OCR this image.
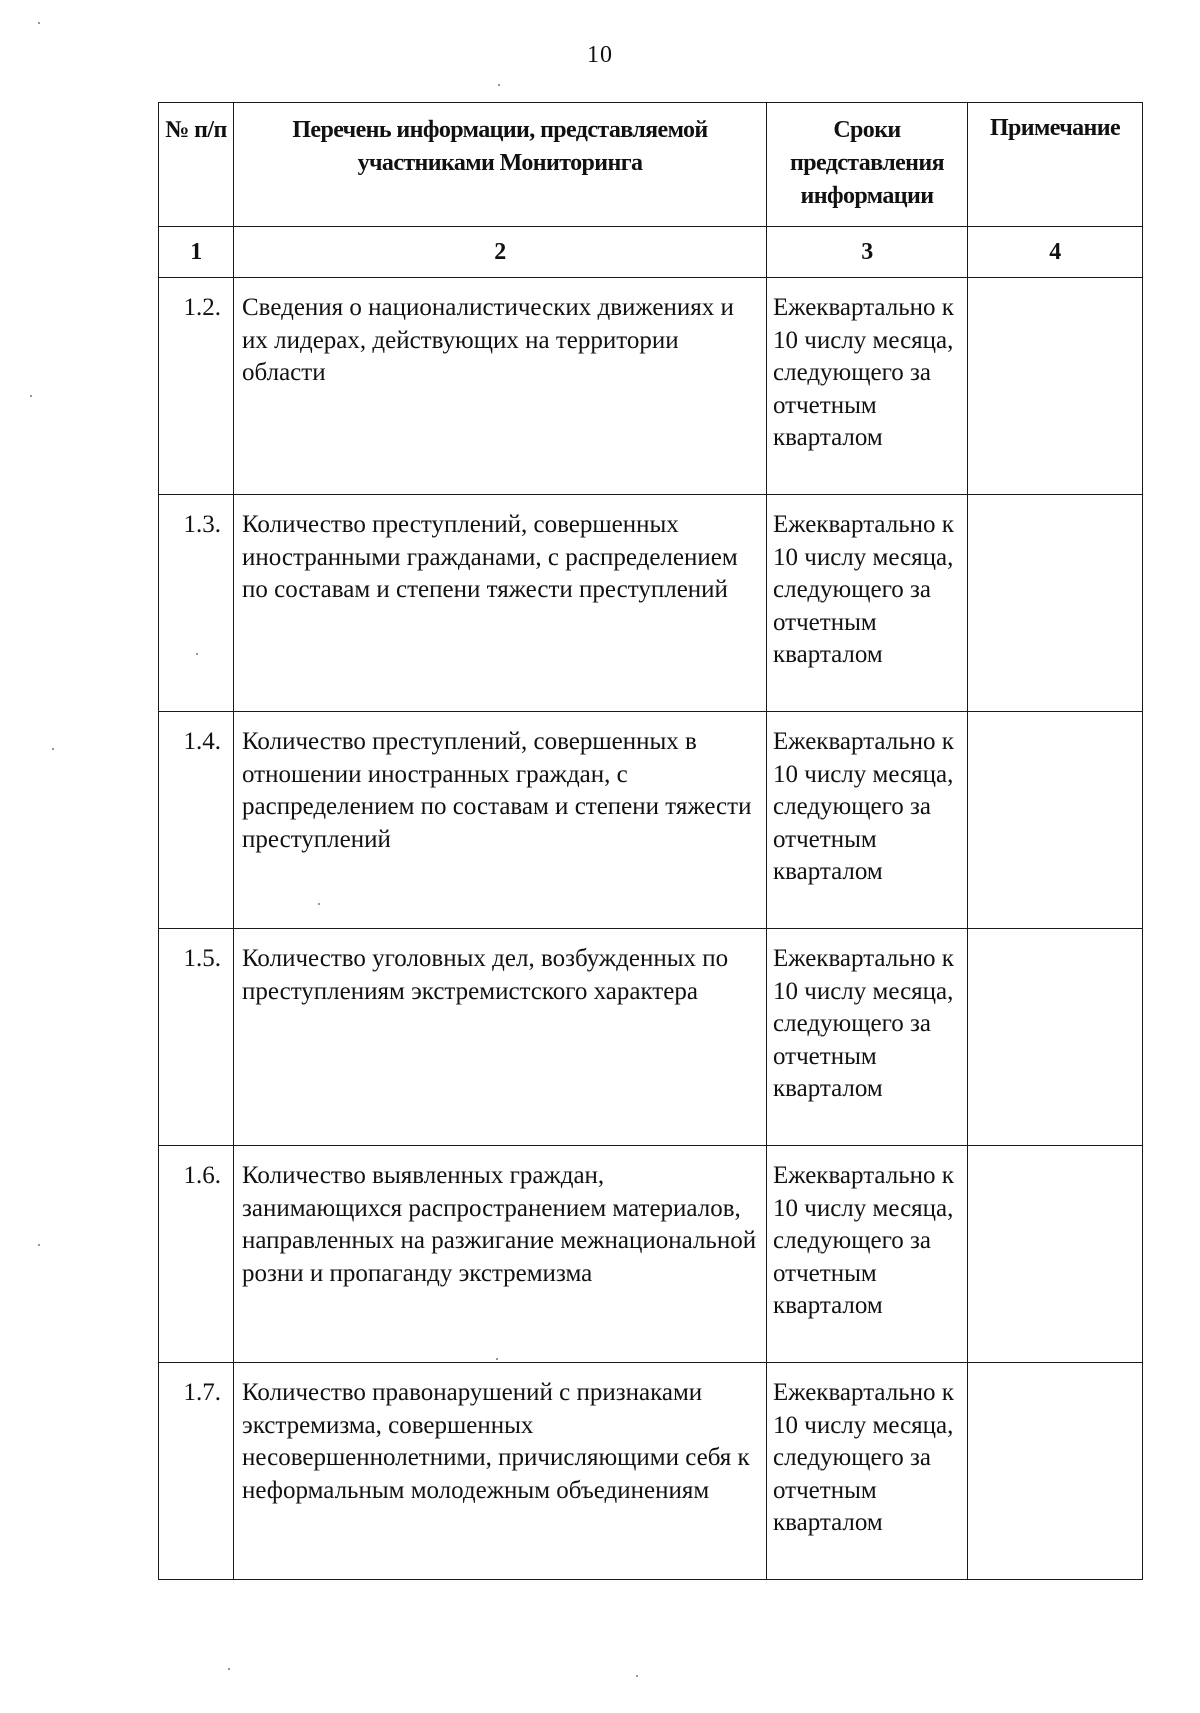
10
№ п/п	Перечень информации, представляемой участниками Мониторинга	Сроки представления информации	Примечание

1	2	3	4

1.2.	Сведения о националистических движениях и их лидерах, действующих на территории области	Ежеквартально к 10 числу месяца, следующего за отчетным кварталом	

1.3.	Количество преступлений, совершенных иностранными гражданами, с распределением по составам и степени тяжести преступлений	Ежеквартально к 10 числу месяца, следующего за отчетным кварталом	

1.4.	Количество преступлений, совершенных в отношении иностранных граждан, с распределением по составам и степени тяжести преступлений	Ежеквартально к 10 числу месяца, следующего за отчетным кварталом	

1.5.	Количество уголовных дел, возбужденных по преступлениям экстремистского характера	Ежеквартально к 10 числу месяца, следующего за отчетным кварталом	

1.6.	Количество выявленных граждан, занимающихся распространением материалов, направленных на разжигание межнациональной розни и пропаганду экстремизма	Ежеквартально к 10 числу месяца, следующего за отчетным кварталом	

1.7.	Количество правонарушений с признаками экстремизма, совершенных несовершеннолетними, причисляющими себя к неформальным молодежным объединениям	Ежеквартально к 10 числу месяца, следующего за отчетным кварталом	
